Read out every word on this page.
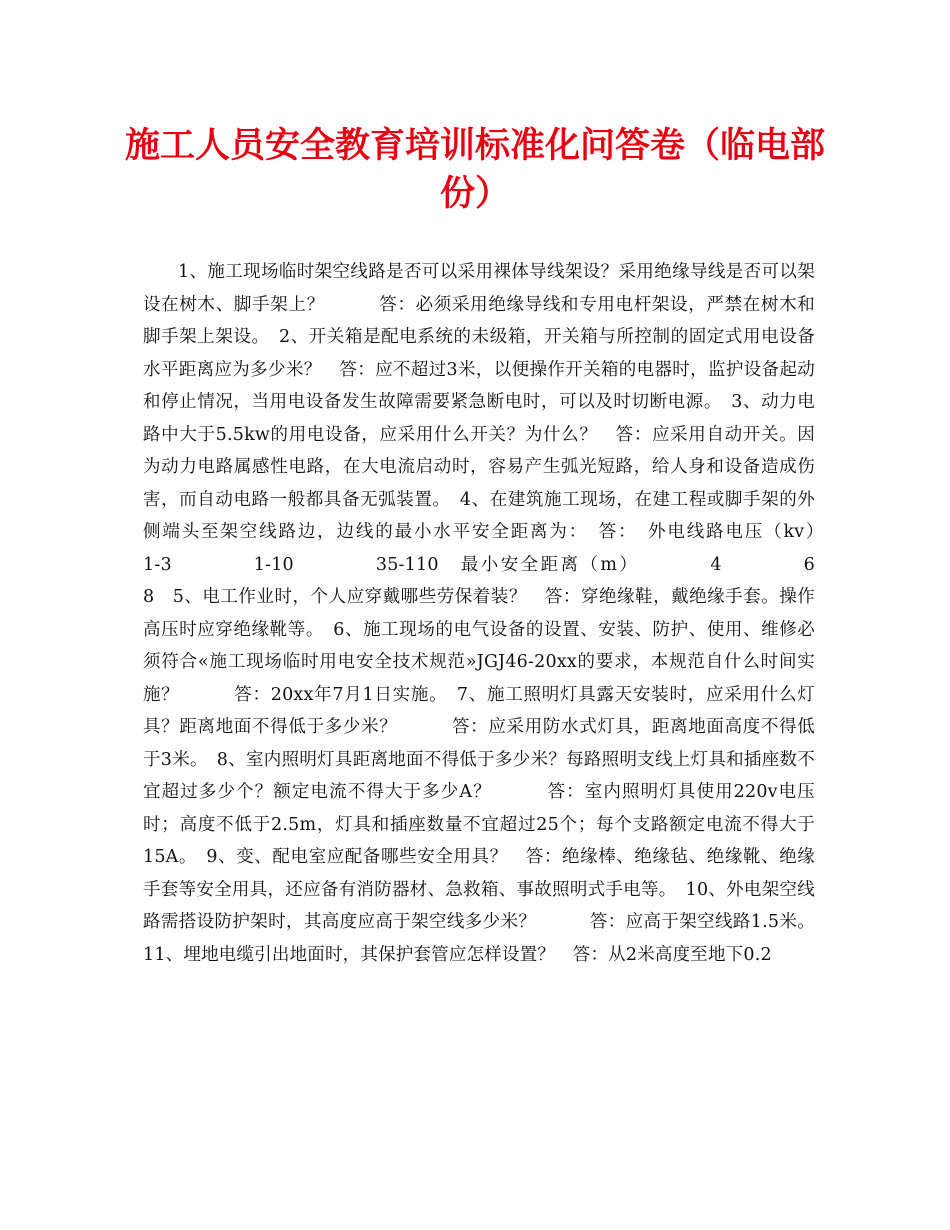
施工人员安全教育培训标准化问答卷（临电部份）
1、施工现场临时架空线路是否可以采用裸体导线架设？采用绝缘导线是否可以架设在树木、脚手架上？　　　答：必须采用绝缘导线和专用电杆架设，严禁在树木和脚手架上架设。　2、开关箱是配电系统的未级箱，开关箱与所控制的固定式用电设备水平距离应为多少米？　答：应不超过3米，以便操作开关箱的电器时，监护设备起动和停止情况，当用电设备发生故障需要紧急断电时，可以及时切断电源。　3、动力电路中大于5.5kw的用电设备，应采用什么开关？为什么？　答：应采用自动开关。因为动力电路属感性电路，在大电流启动时，容易产生弧光短路，给人身和设备造成伤害，而自动电路一般都具备无弧装置。　4、在建筑施工现场，在建工程或脚手架的外侧端头至架空线路边，边线的最小水平安全距离为：　答：　外电线路电压（kv）　　　　1-3　　　　1-10　　　　35-110　最小安全距离（m）　　　　4　　　　6　　　　8　5、电工作业时，个人应穿戴哪些劳保着装？　答：穿绝缘鞋，戴绝缘手套。操作高压时应穿绝缘靴等。　6、施工现场的电气设备的设置、安装、防护、使用、维修必须符合«施工现场临时用电安全技术规范»JGJ46-20xx的要求，本规范自什么时间实施？　　　答：20xx年7月1日实施。　7、施工照明灯具露天安装时，应采用什么灯具？距离地面不得低于多少米？　　　答：应采用防水式灯具，距离地面高度不得低于3米。　8、室内照明灯具距离地面不得低于多少米？每路照明支线上灯具和插座数不宜超过多少个？额定电流不得大于多少A？　　　答：室内照明灯具使用220v电压时；高度不低于2.5m，灯具和插座数量不宜超过25个；每个支路额定电流不得大于15A。　9、变、配电室应配备哪些安全用具？　答：绝缘棒、绝缘毡、绝缘靴、绝缘手套等安全用具，还应备有消防器材、急救箱、事故照明式手电等。　10、外电架空线路需搭设防护架时，其高度应高于架空线多少米？　　　答：应高于架空线路1.5米。11、埋地电缆引出地面时，其保护套管应怎样设置？　答：从2米高度至地下0.2
